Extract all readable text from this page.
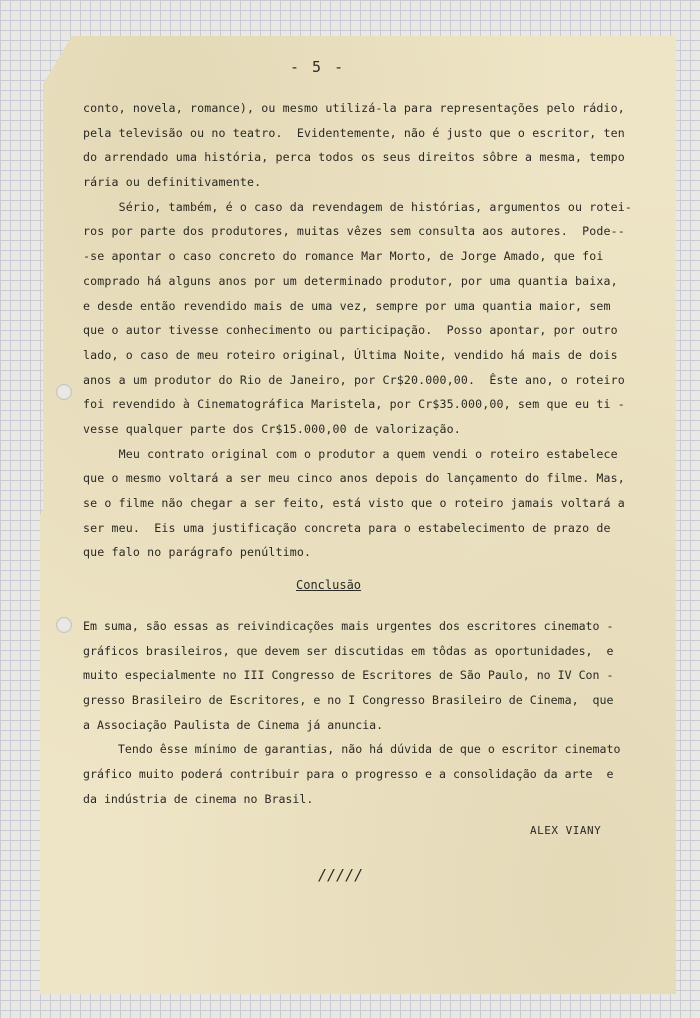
- 5 -
conto, novela, romance), ou mesmo utilizá-la para representações pelo rádio,
pela televisão ou no teatro.  Evidentemente, não é justo que o escritor, ten
do arrendado uma história, perca todos os seus direitos sôbre a mesma, tempo
rária ou definitivamente.
Sério, também, é o caso da revendagem de histórias, argumentos ou rotei-
ros por parte dos produtores, muitas vêzes sem consulta aos autores.  Pode--
-se apontar o caso concreto do romance Mar Morto, de Jorge Amado, que foi
comprado há alguns anos por um determinado produtor, por uma quantia baixa,
e desde então revendido mais de uma vez, sempre por uma quantia maior, sem
que o autor tivesse conhecimento ou participação.  Posso apontar, por outro
lado, o caso de meu roteiro original, Última Noite, vendido há mais de dois
anos a um produtor do Rio de Janeiro, por Cr$20.000,00.  Êste ano, o roteiro
foi revendido à Cinematográfica Maristela, por Cr$35.000,00, sem que eu ti -
vesse qualquer parte dos Cr$15.000,00 de valorização.
Meu contrato original com o produtor a quem vendi o roteiro estabelece
que o mesmo voltará a ser meu cinco anos depois do lançamento do filme. Mas,
se o filme não chegar a ser feito, está visto que o roteiro jamais voltará a
ser meu.  Eis uma justificação concreta para o estabelecimento de prazo de
que falo no parágrafo penúltimo.
Conclusão
Em suma, são essas as reivindicações mais urgentes dos escritores cinemato -
gráficos brasileiros, que devem ser discutidas em tôdas as oportunidades,  e
muito especialmente no III Congresso de Escritores de São Paulo, no IV Con -
gresso Brasileiro de Escritores, e no I Congresso Brasileiro de Cinema,  que
a Associação Paulista de Cinema já anuncia.
Tendo êsse mínimo de garantias, não há dúvida de que o escritor cinemato
gráfico muito poderá contribuir para o progresso e a consolidação da arte  e
da indústria de cinema no Brasil.
ALEX VIANY
/////
